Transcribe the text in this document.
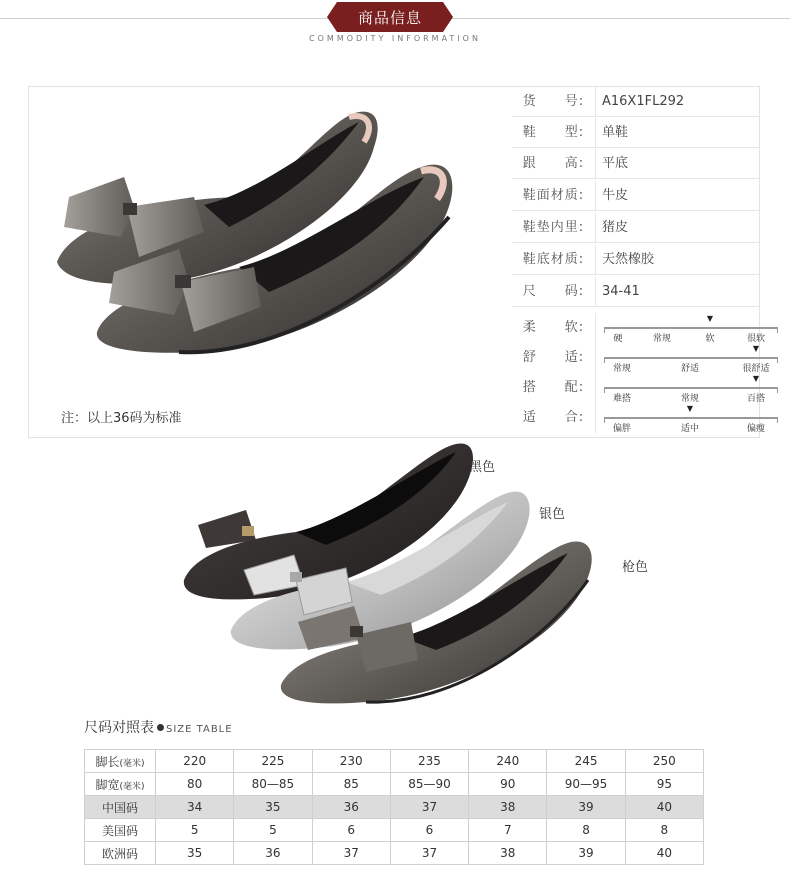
商品信息
COMMODITY INFORMATION
注：以上36码为标准
货　　号:	A16X1FL292
鞋　　型:	单鞋
跟　　高:	平底
鞋面材质:	牛皮
鞋垫内里:	猪皮
鞋底材质:	天然橡胶
尺　　码:	34-41
柔　　软:
▼
硬	常规	软	很软
舒　　适:
▼
常规	舒适	很舒适
搭　　配:
▼
难搭	常规	百搭
适　　合:
▼
偏胖	适中	偏瘦
黑色
银色
枪色
尺码对照表 SIZE TABLE
脚长(毫米)	220	225	230	235	240	245	250
脚宽(毫米)	80	80—85	85	85—90	90	90—95	95
中国码	34	35	36	37	38	39	40
美国码	5	5	6	6	7	8	8
欧洲码	35	36	37	37	38	39	40
